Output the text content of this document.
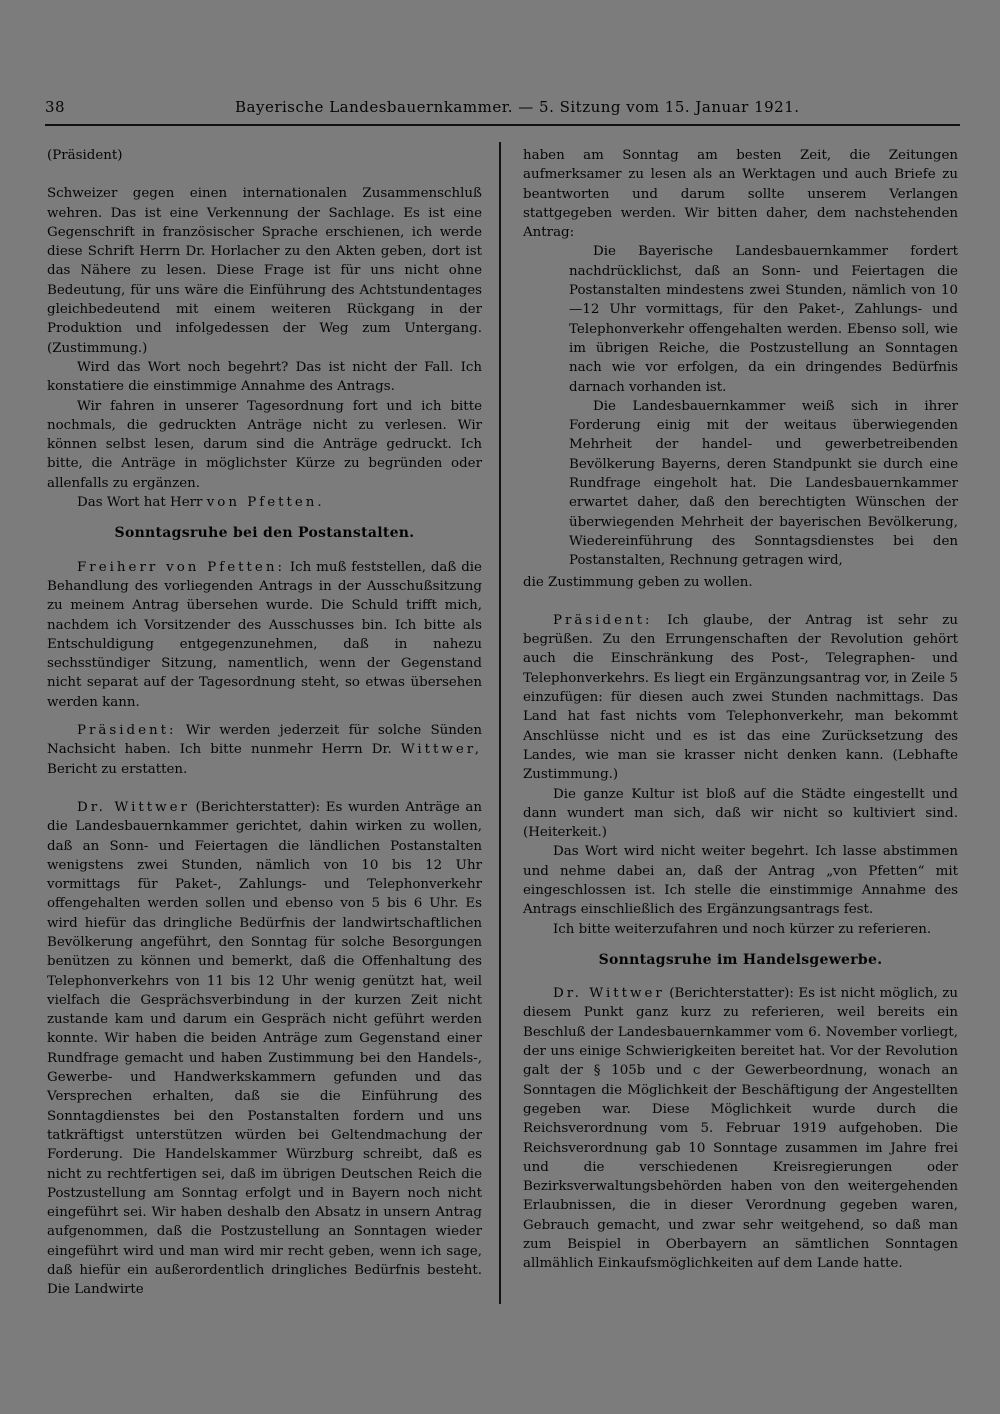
38	Bayerische Landesbauernkammer. — 5. Sitzung vom 15. Januar 1921.

(Präsident)

Schweizer gegen einen internationalen Zusammenschluß wehren. Das ist eine Verkennung der Sachlage. Es ist eine Gegenschrift in französischer Sprache erschienen, ich werde diese Schrift Herrn Dr. Horlacher zu den Akten geben, dort ist das Nähere zu lesen. Diese Frage ist für uns nicht ohne Bedeutung, für uns wäre die Einführung des Achtstundentages gleichbedeutend mit einem weiteren Rückgang in der Produktion und infolgedessen der Weg zum Untergang. (Zustimmung.)

Wird das Wort noch begehrt? Das ist nicht der Fall. Ich konstatiere die einstimmige Annahme des Antrags.

Wir fahren in unserer Tagesordnung fort und ich bitte nochmals, die gedruckten Anträge nicht zu verlesen. Wir können selbst lesen, darum sind die Anträge gedruckt. Ich bitte, die Anträge in möglichster Kürze zu begründen oder allenfalls zu ergänzen.

Das Wort hat Herr von Pfetten.

Sonntagsruhe bei den Postanstalten.

Freiherr von Pfetten: Ich muß feststellen, daß die Behandlung des vorliegenden Antrags in der Ausschußsitzung zu meinem Antrag übersehen wurde. Die Schuld trifft mich, nachdem ich Vorsitzender des Ausschusses bin. Ich bitte als Entschuldigung entgegenzunehmen, daß in nahezu sechsstündiger Sitzung, namentlich, wenn der Gegenstand nicht separat auf der Tagesordnung steht, so etwas übersehen werden kann.

Präsident: Wir werden jederzeit für solche Sünden Nachsicht haben. Ich bitte nunmehr Herrn Dr. Wittwer, Bericht zu erstatten.

Dr. Wittwer (Berichterstatter): Es wurden Anträge an die Landesbauernkammer gerichtet, dahin wirken zu wollen, daß an Sonn- und Feiertagen die ländlichen Postanstalten wenigstens zwei Stunden, nämlich von 10 bis 12 Uhr vormittags für Paket-, Zahlungs- und Telephonverkehr offengehalten werden sollen und ebenso von 5 bis 6 Uhr. Es wird hiefür das dringliche Bedürfnis der landwirtschaftlichen Bevölkerung angeführt, den Sonntag für solche Besorgungen benützen zu können und bemerkt, daß die Offenhaltung des Telephonverkehrs von 11 bis 12 Uhr wenig genützt hat, weil vielfach die Gesprächsverbindung in der kurzen Zeit nicht zustande kam und darum ein Gespräch nicht geführt werden konnte. Wir haben die beiden Anträge zum Gegenstand einer Rundfrage gemacht und haben Zustimmung bei den Handels-, Gewerbe- und Handwerkskammern gefunden und das Versprechen erhalten, daß sie die Einführung des Sonntagdienstes bei den Postanstalten fordern und uns tatkräftigst unterstützen würden bei Geltendmachung der Forderung. Die Handelskammer Würzburg schreibt, daß es nicht zu rechtfertigen sei, daß im übrigen Deutschen Reich die Postzustellung am Sonntag erfolgt und in Bayern noch nicht eingeführt sei. Wir haben deshalb den Absatz in unsern Antrag aufgenommen, daß die Postzustellung an Sonntagen wieder eingeführt wird und man wird mir recht geben, wenn ich sage, daß hiefür ein außerordentlich dringliches Bedürfnis besteht. Die Landwirte

haben am Sonntag am besten Zeit, die Zeitungen aufmerksamer zu lesen als an Werktagen und auch Briefe zu beantworten und darum sollte unserem Verlangen stattgegeben werden. Wir bitten daher, dem nachstehenden Antrag:

Die Bayerische Landesbauernkammer fordert nachdrücklichst, daß an Sonn- und Feiertagen die Postanstalten mindestens zwei Stunden, nämlich von 10—12 Uhr vormittags, für den Paket-, Zahlungs- und Telephonverkehr offengehalten werden. Ebenso soll, wie im übrigen Reiche, die Postzustellung an Sonntagen nach wie vor erfolgen, da ein dringendes Bedürfnis darnach vorhanden ist.

Die Landesbauernkammer weiß sich in ihrer Forderung einig mit der weitaus überwiegenden Mehrheit der handel- und gewerbetreibenden Bevölkerung Bayerns, deren Standpunkt sie durch eine Rundfrage eingeholt hat. Die Landesbauernkammer erwartet daher, daß den berechtigten Wünschen der überwiegenden Mehrheit der bayerischen Bevölkerung, Wiedereinführung des Sonntagsdienstes bei den Postanstalten, Rechnung getragen wird,

die Zustimmung geben zu wollen.

Präsident: Ich glaube, der Antrag ist sehr zu begrüßen. Zu den Errungenschaften der Revolution gehört auch die Einschränkung des Post-, Telegraphen- und Telephonverkehrs. Es liegt ein Ergänzungsantrag vor, in Zeile 5 einzufügen: für diesen auch zwei Stunden nachmittags. Das Land hat fast nichts vom Telephonverkehr, man bekommt Anschlüsse nicht und es ist das eine Zurücksetzung des Landes, wie man sie krasser nicht denken kann. (Lebhafte Zustimmung.)

Die ganze Kultur ist bloß auf die Städte eingestellt und dann wundert man sich, daß wir nicht so kultiviert sind. (Heiterkeit.)

Das Wort wird nicht weiter begehrt. Ich lasse abstimmen und nehme dabei an, daß der Antrag „von Pfetten“ mit eingeschlossen ist. Ich stelle die einstimmige Annahme des Antrags einschließlich des Ergänzungsantrags fest.

Ich bitte weiterzufahren und noch kürzer zu referieren.

Sonntagsruhe im Handelsgewerbe.

Dr. Wittwer (Berichterstatter): Es ist nicht möglich, zu diesem Punkt ganz kurz zu referieren, weil bereits ein Beschluß der Landesbauernkammer vom 6. November vorliegt, der uns einige Schwierigkeiten bereitet hat. Vor der Revolution galt der § 105b und c der Gewerbeordnung, wonach an Sonntagen die Möglichkeit der Beschäftigung der Angestellten gegeben war. Diese Möglichkeit wurde durch die Reichsverordnung vom 5. Februar 1919 aufgehoben. Die Reichsverordnung gab 10 Sonntage zusammen im Jahre frei und die verschiedenen Kreisregierungen oder Bezirksverwaltungsbehörden haben von den weitergehenden Erlaubnissen, die in dieser Verordnung gegeben waren, Gebrauch gemacht, und zwar sehr weitgehend, so daß man zum Beispiel in Oberbayern an sämtlichen Sonntagen allmählich Einkaufsmöglichkeiten auf dem Lande hatte.
